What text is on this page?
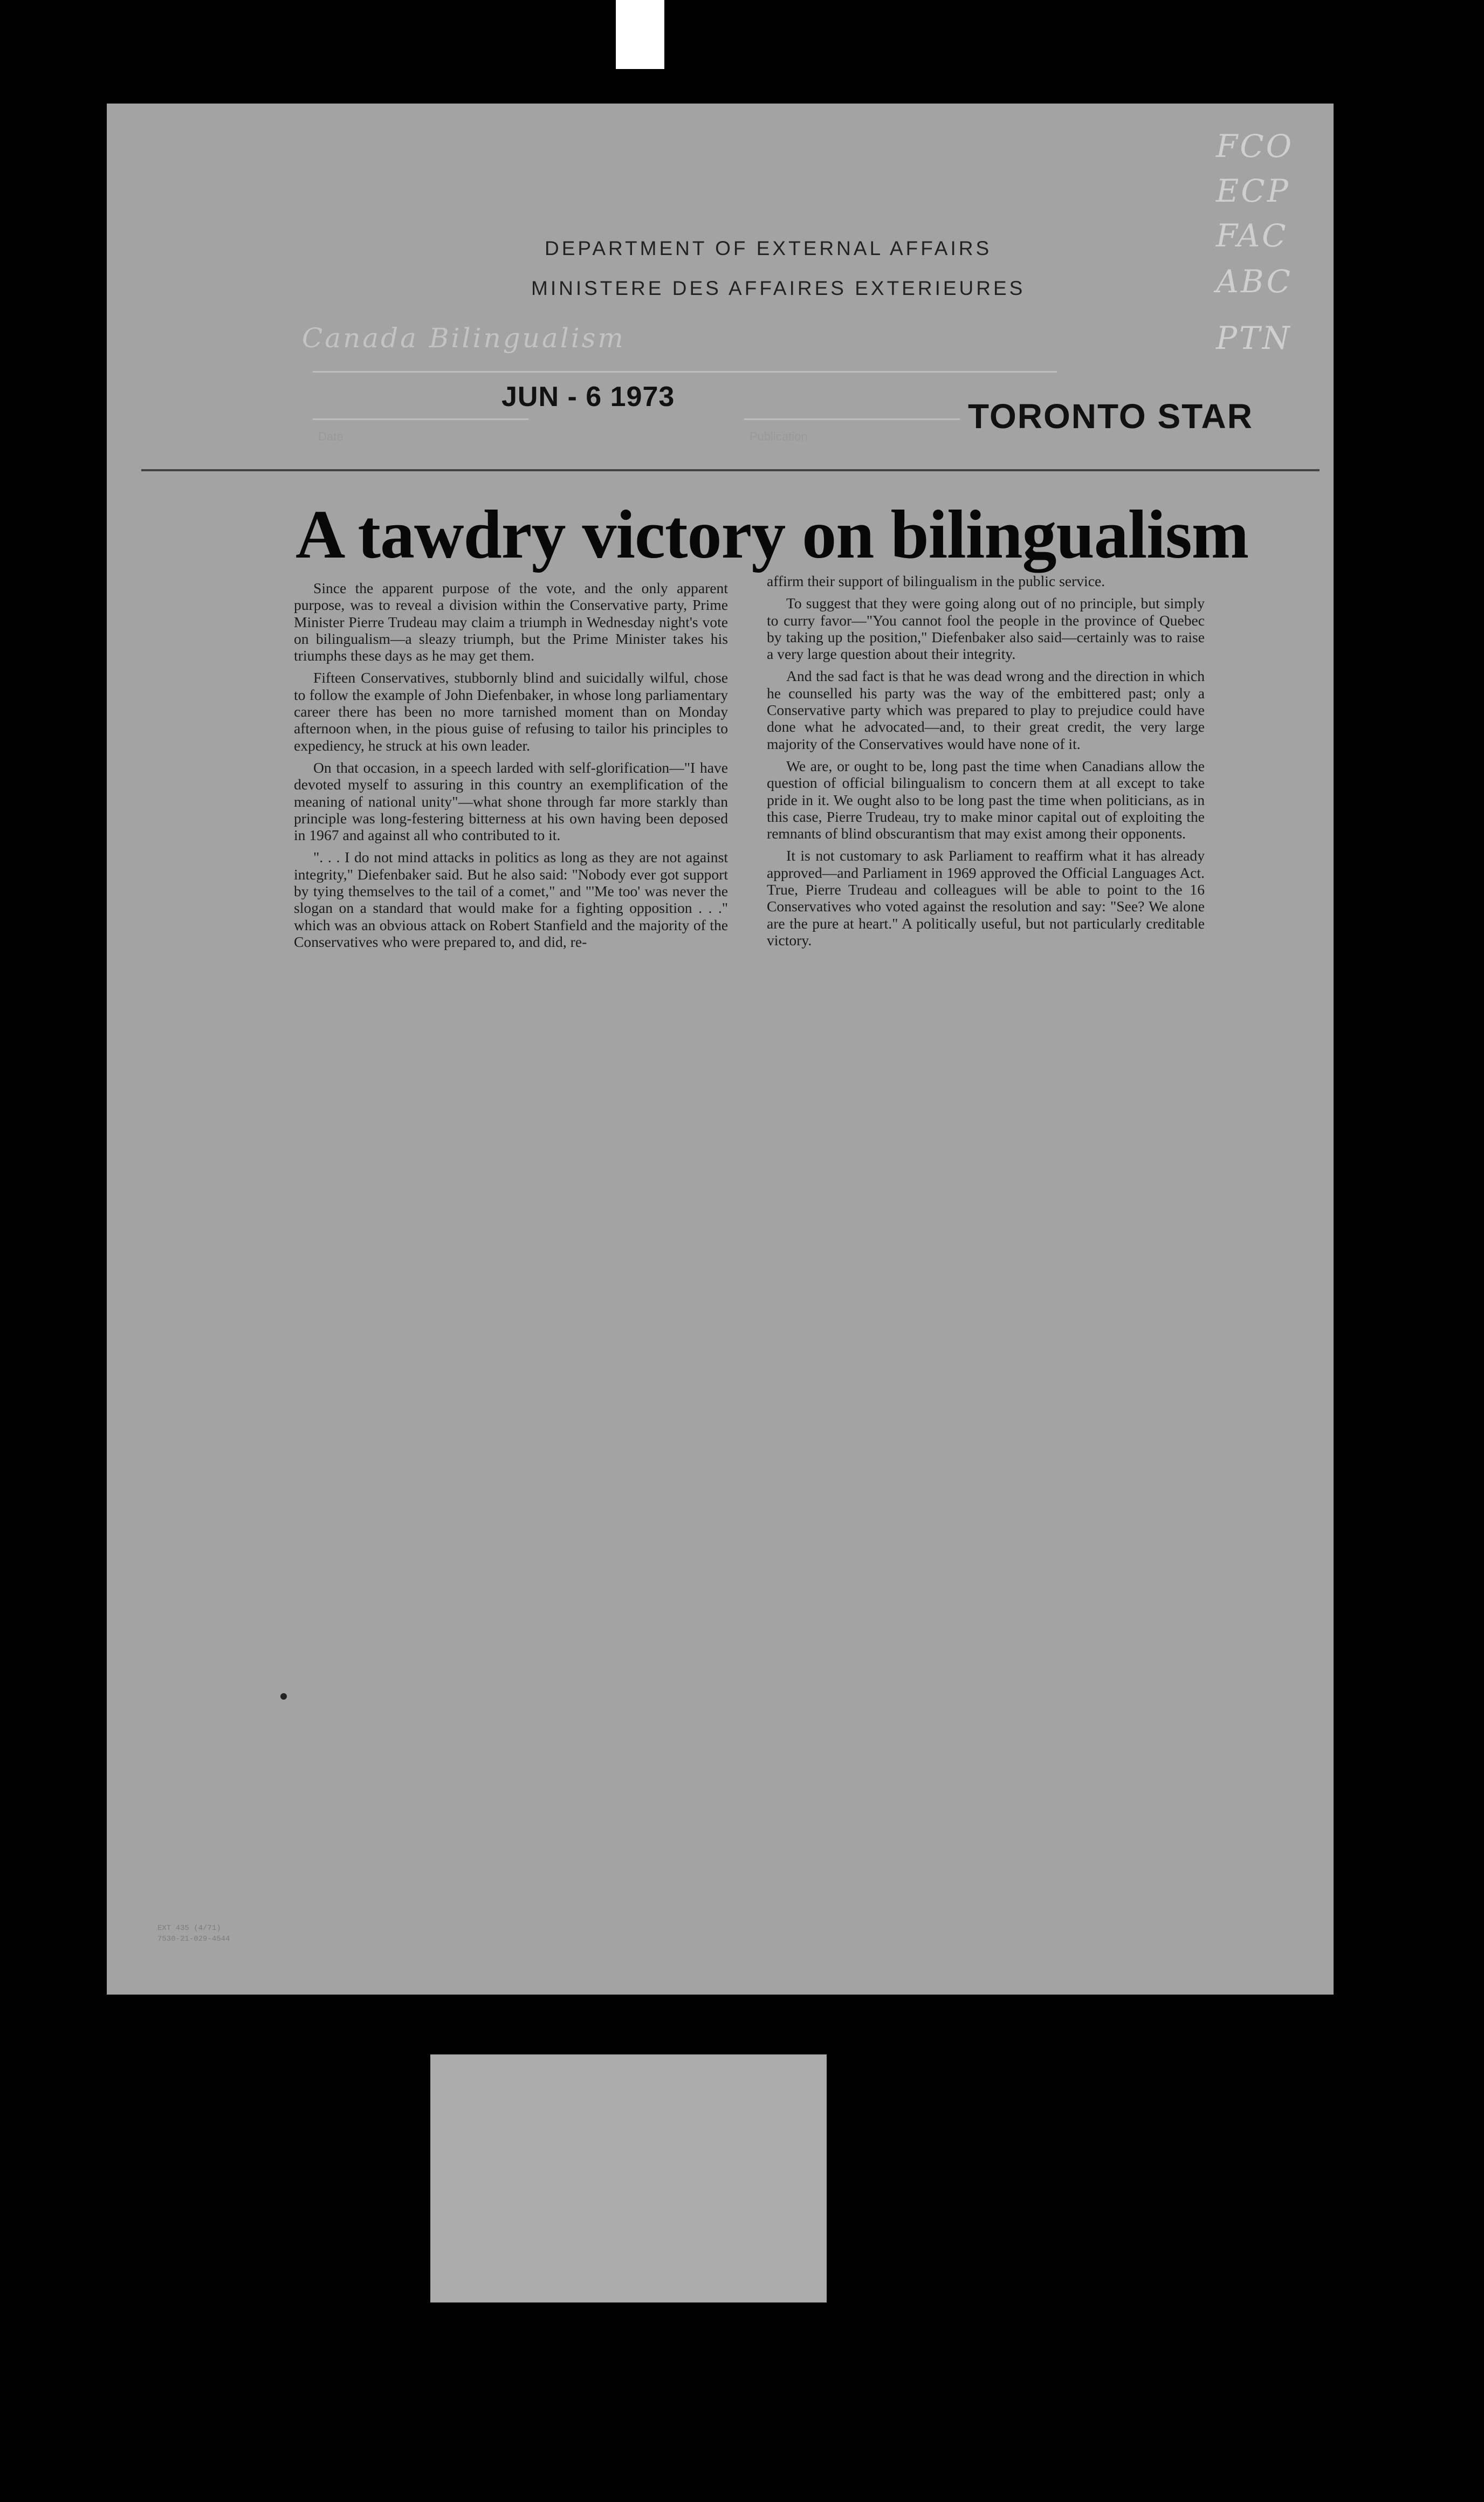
DEPARTMENT OF EXTERNAL AFFAIRS
MINISTERE DES AFFAIRES EXTERIEURES
FCO
ECP
FAC
ABC
PTN
Canada Bilingualism
JUN - 6 1973	TORONTO STAR
Date	Publication
A tawdry victory on bilingualism

Since the apparent purpose of the vote, and the only apparent purpose, was to reveal a division within the Conservative party, Prime Minister Pierre Trudeau may claim a triumph in Wednesday night's vote on bilingualism—a sleazy triumph, but the Prime Minister takes his triumphs these days as he may get them.

Fifteen Conservatives, stubbornly blind and suicidally wilful, chose to follow the example of John Diefenbaker, in whose long parliamentary career there has been no more tarnished moment than on Monday afternoon when, in the pious guise of refusing to tailor his principles to expediency, he struck at his own leader.

On that occasion, in a speech larded with self-glorification—"I have devoted myself to assuring in this country an exemplification of the meaning of national unity"—what shone through far more starkly than principle was long-festering bitterness at his own having been deposed in 1967 and against all who contributed to it.

". . . I do not mind attacks in politics as long as they are not against integrity," Diefenbaker said. But he also said: "Nobody ever got support by tying themselves to the tail of a comet," and "'Me too' was never the slogan on a standard that would make for a fighting opposition . . ." which was an obvious attack on Robert Stanfield and the majority of the Conservatives who were prepared to, and did, re-

affirm their support of bilingualism in the public service.

To suggest that they were going along out of no principle, but simply to curry favor—"You cannot fool the people in the province of Quebec by taking up the position," Diefenbaker also said—certainly was to raise a very large question about their integrity.

And the sad fact is that he was dead wrong and the direction in which he counselled his party was the way of the embittered past; only a Conservative party which was prepared to play to prejudice could have done what he advocated—and, to their great credit, the very large majority of the Conservatives would have none of it.

We are, or ought to be, long past the time when Canadians allow the question of official bilingualism to concern them at all except to take pride in it. We ought also to be long past the time when politicians, as in this case, Pierre Trudeau, try to make minor capital out of exploiting the remnants of blind obscurantism that may exist among their opponents.

It is not customary to ask Parliament to reaffirm what it has already approved—and Parliament in 1969 approved the Official Languages Act. True, Pierre Trudeau and colleagues will be able to point to the 16 Conservatives who voted against the resolution and say: "See? We alone are the pure at heart." A politically useful, but not particularly creditable victory.

EXT 435 (4/71)
7530-21-029-4544
